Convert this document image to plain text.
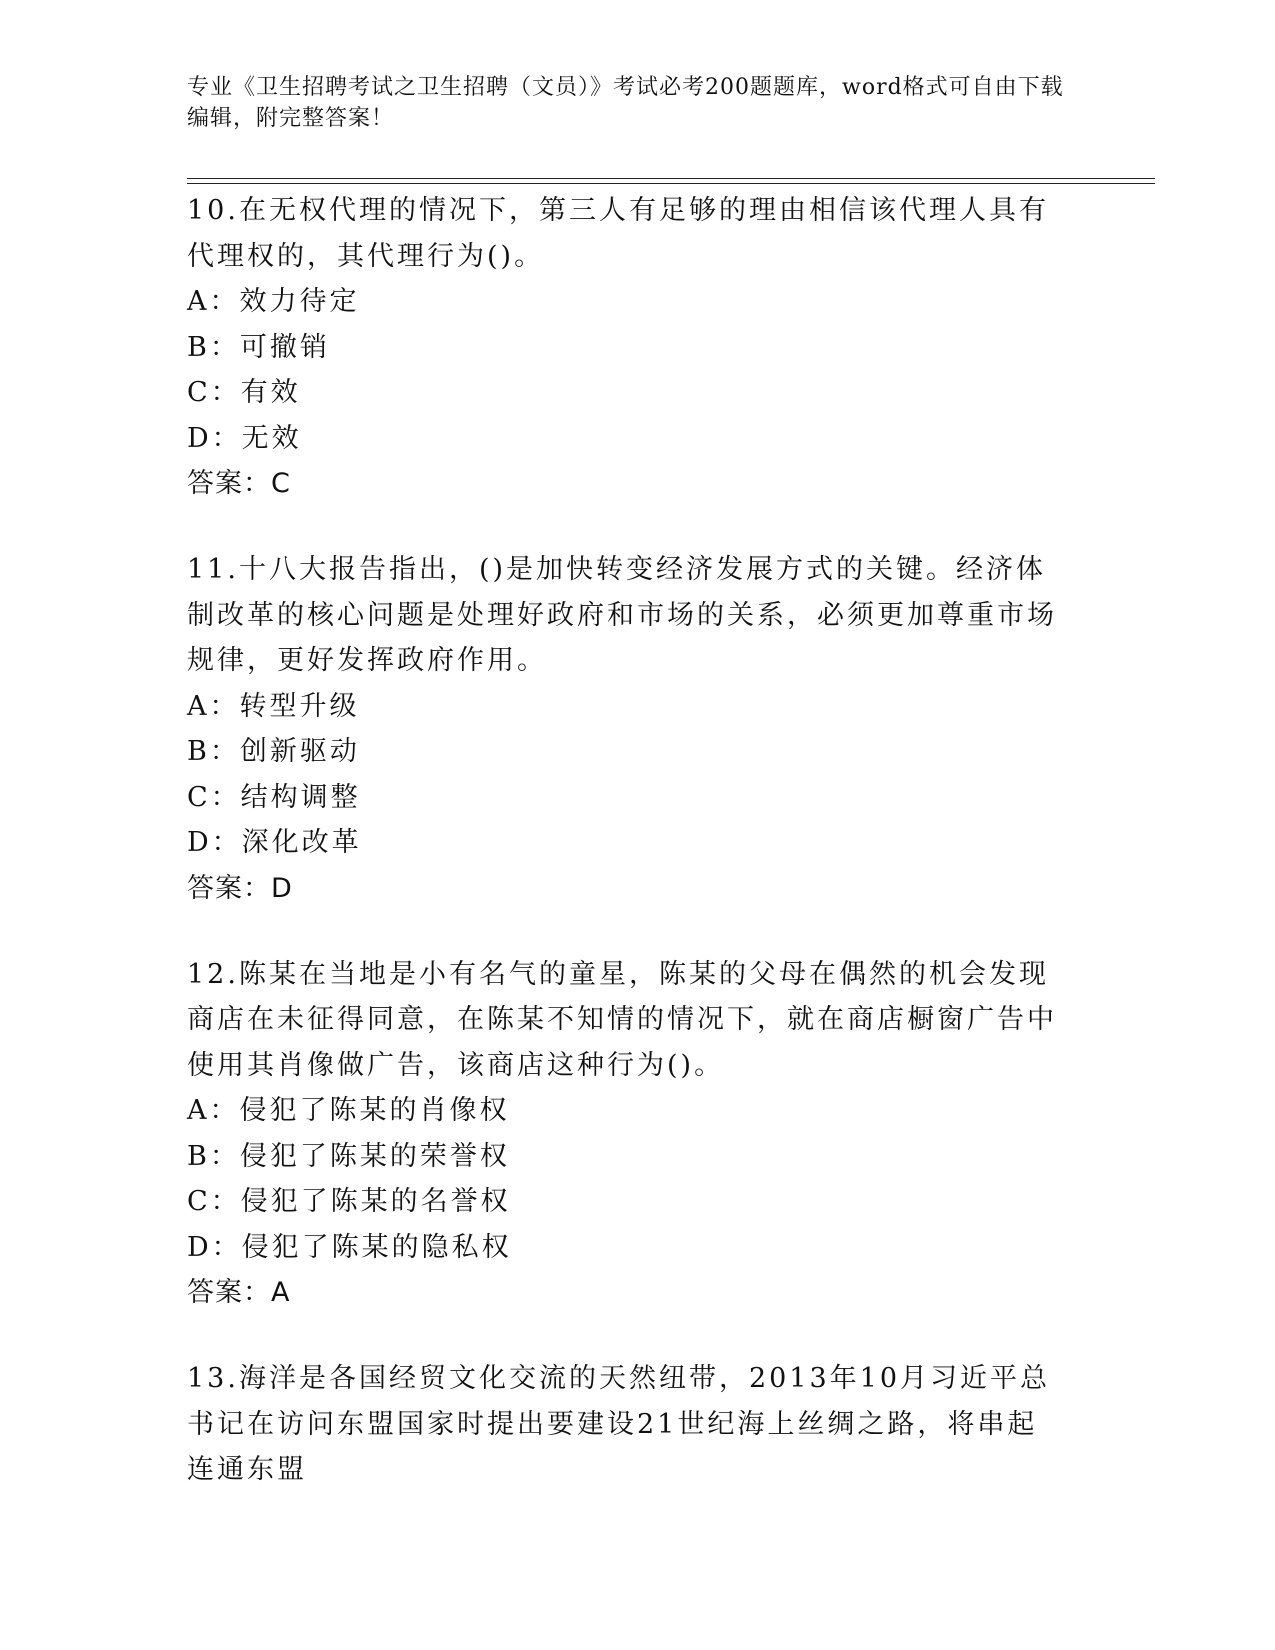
专业《卫生招聘考试之卫生招聘（文员）》考试必考200题题库，word格式可自由下载编辑，附完整答案！
10.在无权代理的情况下，第三人有足够的理由相信该代理人具有代理权的，其代理行为()。
A：效力待定
B：可撤销
C：有效
D：无效
答案：C
11.十八大报告指出，()是加快转变经济发展方式的关键。经济体制改革的核心问题是处理好政府和市场的关系，必须更加尊重市场规律，更好发挥政府作用。
A：转型升级
B：创新驱动
C：结构调整
D：深化改革
答案：D
12.陈某在当地是小有名气的童星，陈某的父母在偶然的机会发现商店在未征得同意，在陈某不知情的情况下，就在商店橱窗广告中使用其肖像做广告，该商店这种行为()。
A：侵犯了陈某的肖像权
B：侵犯了陈某的荣誉权
C：侵犯了陈某的名誉权
D：侵犯了陈某的隐私权
答案：A
13.海洋是各国经贸文化交流的天然纽带，2013年10月习近平总书记在访问东盟国家时提出要建设21世纪海上丝绸之路，将串起连通东盟
